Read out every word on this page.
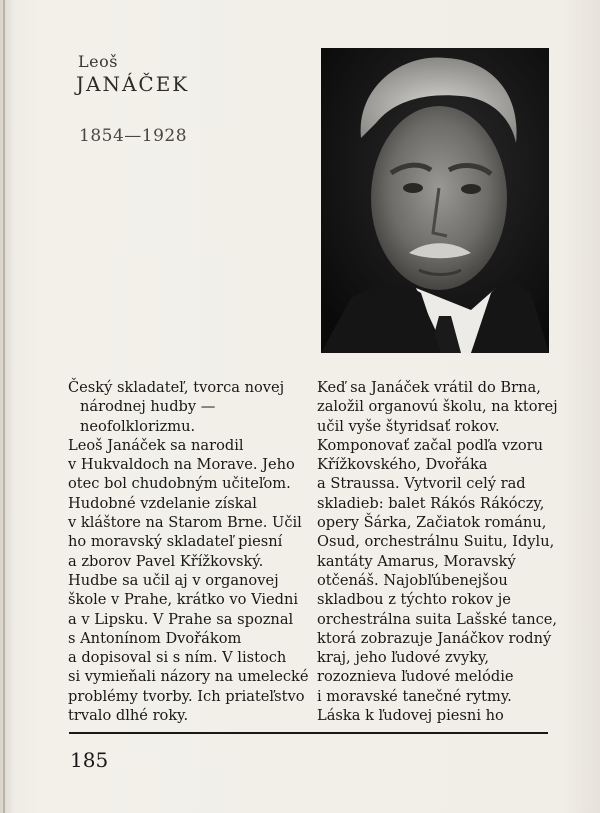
Leoš
JANÁČEK
1854—1928
Český skladateľ, tvorca novej
národnej hudby —
neofolklorizmu.
Leoš Janáček sa narodil
v Hukvaldoch na Morave. Jeho
otec bol chudobným učiteľom.
Hudobné vzdelanie získal
v kláštore na Starom Brne. Učil
ho moravský skladateľ piesní
a zborov Pavel Křížkovský.
Hudbe sa učil aj v organovej
škole v Prahe, krátko vo Viedni
a v Lipsku. V Prahe sa spoznal
s Antonínom Dvořákom
a dopisoval si s ním. V listoch
si vymieňali názory na umelecké
problémy tvorby. Ich priateľstvo
trvalo dlhé roky.
Keď sa Janáček vrátil do Brna,
založil organovú školu, na ktorej
učil vyše štyridsať rokov.
Komponovať začal podľa vzoru
Křížkovského, Dvořáka
a Straussa. Vytvoril celý rad
skladieb: balet Rákós Rákóczy,
opery Šárka, Začiatok románu,
Osud, orchestrálnu Suitu, Idylu,
kantáty Amarus, Moravský
otčenáš. Najobľúbenejšou
skladbou z týchto rokov je
orchestrálna suita Lašské tance,
ktorá zobrazuje Janáčkov rodný
kraj, jeho ľudové zvyky,
rozoznieva ľudové melódie
i moravské tanečné rytmy.
Láska k ľudovej piesni ho
185
